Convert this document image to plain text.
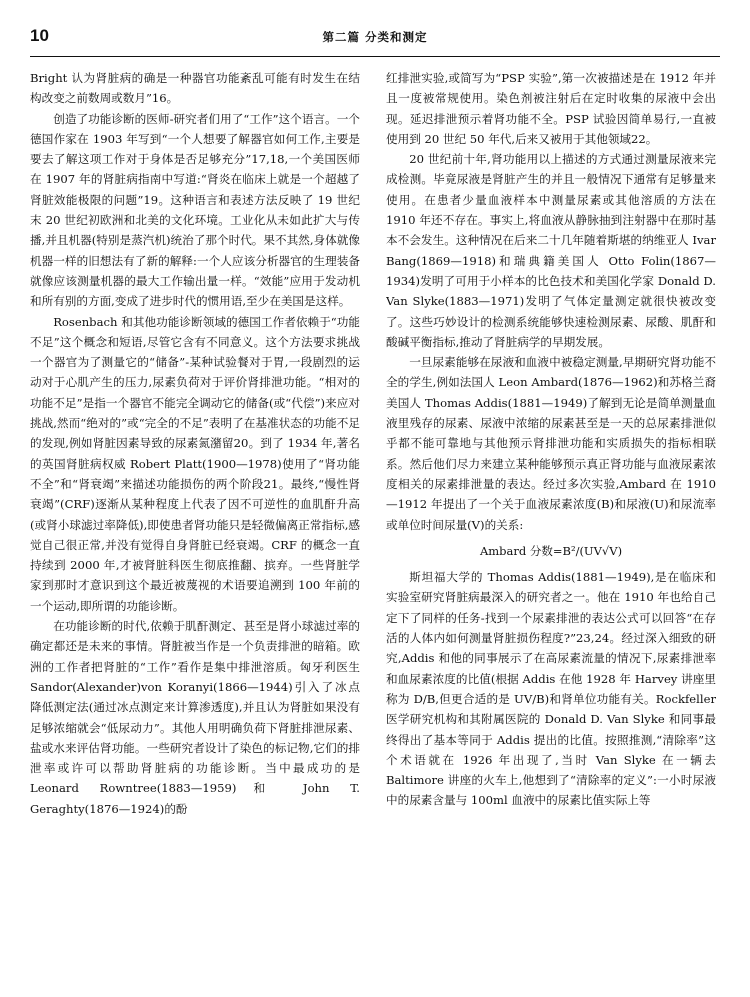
10	第二篇 分类和测定

Bright 认为肾脏病的确是一种器官功能紊乱可能有时发生在结构改变之前数周或数月”16。

创造了功能诊断的医师-研究者们用了“工作”这个语言。一个德国作家在 1903 年写到“一个人想要了解器官如何工作,主要是要去了解这项工作对于身体是否足够充分”17,18,一个美国医师在 1907 年的肾脏病指南中写道:“肾炎在临床上就是一个超越了肾脏效能极限的问题”19。这种语言和表述方法反映了 19 世纪末 20 世纪初欧洲和北美的文化环境。工业化从未如此扩大与传播,并且机器(特别是蒸汽机)统治了那个时代。果不其然,身体就像机器一样的旧想法有了新的解释:一个人应该分析器官的生理装备就像应该测量机器的最大工作输出量一样。“效能”应用于发动机和所有别的方面,变成了进步时代的惯用语,至少在美国是这样。

Rosenbach 和其他功能诊断领域的德国工作者依赖于“功能不足”这个概念和短语,尽管它含有不同意义。这个方法要求挑战一个器官为了测量它的“储备”-某种试验餐对于胃,一段剧烈的运动对于心肌产生的压力,尿素负荷对于评价肾排泄功能。“相对的功能不足”是指一个器官不能完全调动它的储备(或“代偿”)来应对挑战,然而“绝对的”或“完全的不足”表明了在基准状态的功能不足的发现,例如肾脏因素导致的尿素氮潴留20。到了 1934 年,著名的英国肾脏病权威 Robert Platt(1900—1978)使用了“肾功能不全”和“肾衰竭”来描述功能损伤的两个阶段21。最终,“慢性肾衰竭”(CRF)逐渐从某种程度上代表了因不可逆性的血肌酐升高(或肾小球滤过率降低),即使患者肾功能只是轻微偏离正常指标,感觉自己很正常,并没有觉得自身肾脏已经衰竭。CRF 的概念一直持续到 2000 年,才被肾脏科医生彻底推翻、摈弃。一些肾脏学家到那时才意识到这个最近被蔑视的术语要追溯到 100 年前的一个运动,即所谓的功能诊断。

在功能诊断的时代,依赖于肌酐测定、甚至是肾小球滤过率的确定都还是未来的事情。肾脏被当作是一个负责排泄的暗箱。欧洲的工作者把肾脏的“工作”看作是集中排泄溶质。匈牙利医生 Sandor(Alexander)von Koranyi(1866—1944)引入了冰点降低测定法(通过冰点测定来计算渗透度),并且认为肾脏如果没有足够浓缩就会“低尿动力”。其他人用明确负荷下肾脏排泄尿素、盐或水来评估肾功能。一些研究者设计了染色的标记物,它们的排泄率或许可以帮助肾脏病的功能诊断。当中最成功的是 Leonard Rowntree(1883—1959)和 John T. Geraghty(1876—1924)的酚

红排泄实验,或简写为“PSP 实验”,第一次被描述是在 1912 年并且一度被常规使用。染色剂被注射后在定时收集的尿液中会出现。延迟排泄预示着肾功能不全。PSP 试验因简单易行,一直被使用到 20 世纪 50 年代,后来又被用于其他领域22。

20 世纪前十年,肾功能用以上描述的方式通过测量尿液来完成检测。毕竟尿液是肾脏产生的并且一般情况下通常有足够量来使用。在患者少量血液样本中测量尿素或其他溶质的方法在 1910 年还不存在。事实上,将血液从静脉抽到注射器中在那时基本不会发生。这种情况在后来二十几年随着斯堪的纳维亚人 Ivar Bang(1869—1918)和瑞典籍美国人 Otto Folin(1867—1934)发明了可用于小样本的比色技术和美国化学家 Donald D. Van Slyke(1883—1971)发明了气体定量测定就很快被改变了。这些巧妙设计的检测系统能够快速检测尿素、尿酸、肌酐和酸碱平衡指标,推动了肾脏病学的早期发展。

一旦尿素能够在尿液和血液中被稳定测量,早期研究肾功能不全的学生,例如法国人 Leon Ambard(1876—1962)和苏格兰裔美国人 Thomas Addis(1881—1949)了解到无论是简单测量血液里残存的尿素、尿液中浓缩的尿素甚至是一天的总尿素排泄似乎都不能可靠地与其他预示肾排泄功能和实质损失的指标相联系。然后他们尽力来建立某种能够预示真正肾功能与血液尿素浓度相关的尿素排泄量的表达。经过多次实验,Ambard 在 1910—1912 年提出了一个关于血液尿素浓度(B)和尿液(U)和尿流率或单位时间尿量(V)的关系:

Ambard 分数=B²/(UV√V)

斯坦福大学的 Thomas Addis(1881—1949),是在临床和实验室研究肾脏病最深入的研究者之一。他在 1910 年也给自己定下了同样的任务-找到一个尿素排泄的表达公式可以回答“在存活的人体内如何测量肾脏损伤程度?”23,24。经过深入细致的研究,Addis 和他的同事展示了在高尿素流量的情况下,尿素排泄率和血尿素浓度的比值(根据 Addis 在他 1928 年 Harvey 讲座里称为 D/B,但更合适的是 UV/B)和肾单位功能有关。Rockfeller 医学研究机构和其附属医院的 Donald D. Van Slyke 和同事最终得出了基本等同于 Addis 提出的比值。按照推测,“清除率”这个术语就在 1926 年出现了,当时 Van Slyke 在一辆去 Baltimore 讲座的火车上,他想到了“清除率的定义”:一小时尿液中的尿素含量与 100ml 血液中的尿素比值实际上等
